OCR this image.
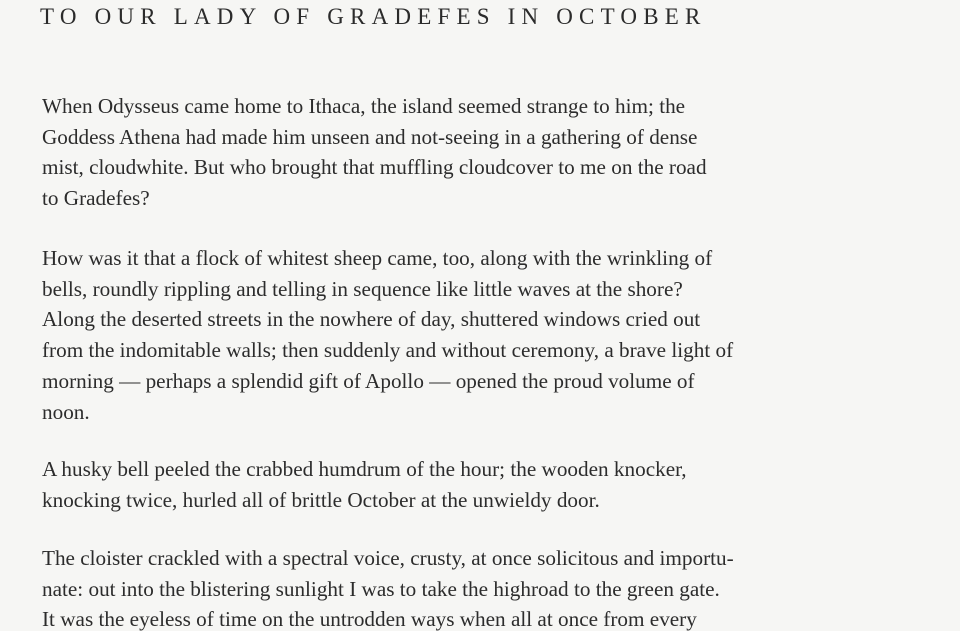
TO OUR LADY OF GRADEFES IN OCTOBER
When Odysseus came home to Ithaca, the island seemed strange to him; the
Goddess Athena had made him unseen and not-seeing in a gathering of dense
mist, cloudwhite. But who brought that muffling cloudcover to me on the road
to Gradefes?
How was it that a flock of whitest sheep came, too, along with the wrinkling of
bells, roundly rippling and telling in sequence like little waves at the shore?
Along the deserted streets in the nowhere of day, shuttered windows cried out
from the indomitable walls; then suddenly and without ceremony, a brave light of
morning — perhaps a splendid gift of Apollo — opened the proud volume of
noon.
A husky bell peeled the crabbed humdrum of the hour; the wooden knocker,
knocking twice, hurled all of brittle October at the unwieldy door.
The cloister crackled with a spectral voice, crusty, at once solicitous and importu-
nate: out into the blistering sunlight I was to take the highroad to the green gate.
It was the eyeless of time on the untrodden ways when all at once from every
